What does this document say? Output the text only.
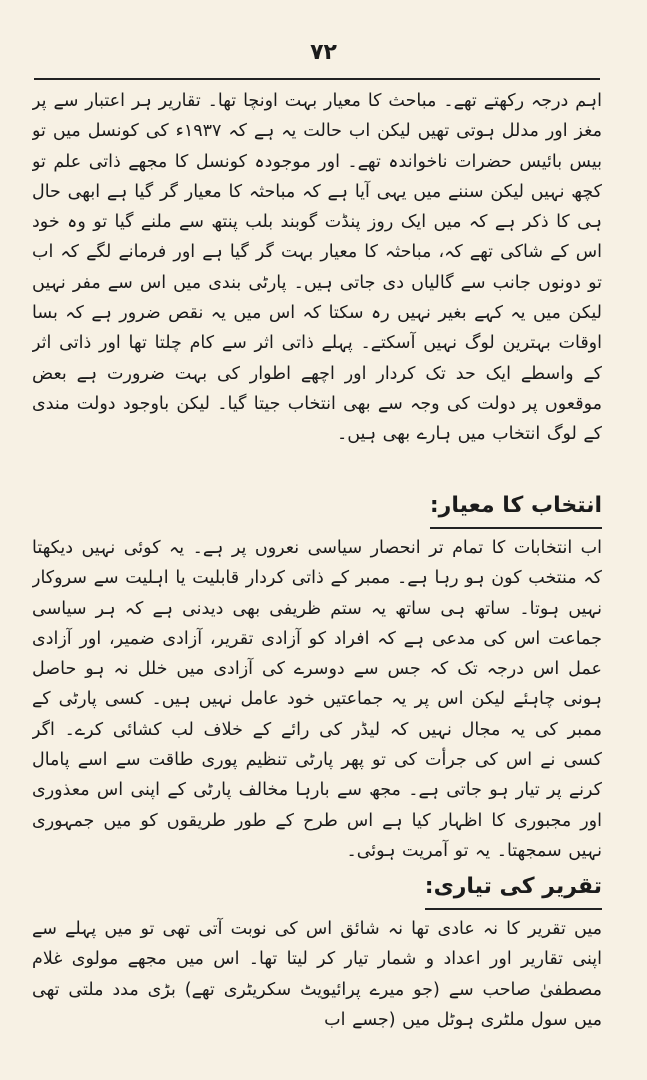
۷۲

اہم درجہ رکھتے تھے۔ مباحث کا معیار بہت اونچا تھا۔ تقاریر ہر اعتبار سے پر مغز اور مدلل ہوتی تھیں لیکن اب حالت یہ ہے کہ ۱۹۳۷ء کی کونسل میں تو بیس بائیس حضرات ناخواندہ تھے۔ اور موجودہ کونسل کا مجھے ذاتی علم تو کچھ نہیں لیکن سننے میں یہی آیا ہے کہ مباحثہ کا معیار گر گیا ہے ابھی حال ہی کا ذکر ہے کہ میں ایک روز پنڈت گوبند بلب پنتھ سے ملنے گیا تو وہ خود اس کے شاکی تھے کہ، مباحثہ کا معیار بہت گر گیا ہے اور فرمانے لگے کہ اب تو دونوں جانب سے گالیاں دی جاتی ہیں۔ پارٹی بندی میں اس سے مفر نہیں لیکن میں یہ کہے بغیر نہیں رہ سکتا کہ اس میں یہ نقص ضرور ہے کہ بسا اوقات بہترین لوگ نہیں آسکتے۔ پہلے ذاتی اثر سے کام چلتا تھا اور ذاتی اثر کے واسطے ایک حد تک کردار اور اچھے اطوار کی بہت ضرورت ہے بعض موقعوں پر دولت کی وجہ سے بھی انتخاب جیتا گیا۔ لیکن باوجود دولت مندی کے لوگ انتخاب میں ہارے بھی ہیں۔

انتخاب کا معیار:

اب انتخابات کا تمام تر انحصار سیاسی نعروں پر ہے۔ یہ کوئی نہیں دیکھتا کہ منتخب کون ہو رہا ہے۔ ممبر کے ذاتی کردار قابلیت یا اہلیت سے سروکار نہیں ہوتا۔ ساتھ ہی ساتھ یہ ستم ظریفی بھی دیدنی ہے کہ ہر سیاسی جماعت اس کی مدعی ہے کہ افراد کو آزادی تقریر، آزادی ضمیر، اور آزادی عمل اس درجہ تک کہ جس سے دوسرے کی آزادی میں خلل نہ ہو حاصل ہونی چاہئے لیکن اس پر یہ جماعتیں خود عامل نہیں ہیں۔ کسی پارٹی کے ممبر کی یہ مجال نہیں کہ لیڈر کی رائے کے خلاف لب کشائی کرے۔ اگر کسی نے اس کی جرأت کی تو پھر پارٹی تنظیم پوری طاقت سے اسے پامال کرنے پر تیار ہو جاتی ہے۔ مجھ سے بارہا مخالف پارٹی کے اپنی اس معذوری اور مجبوری کا اظہار کیا ہے اس طرح کے طور طریقوں کو میں جمہوری نہیں سمجھتا۔ یہ تو آمریت ہوئی۔

تقریر کی تیاری:

میں تقریر کا نہ عادی تھا نہ شائق اس کی نوبت آتی تھی تو میں پہلے سے اپنی تقاریر اور اعداد و شمار تیار کر لیتا تھا۔ اس میں مجھے مولوی غلام مصطفیٰ صاحب سے (جو میرے پرائیویٹ سکریٹری تھے) بڑی مدد ملتی تھی میں سول ملٹری ہوٹل میں (جسے اب
